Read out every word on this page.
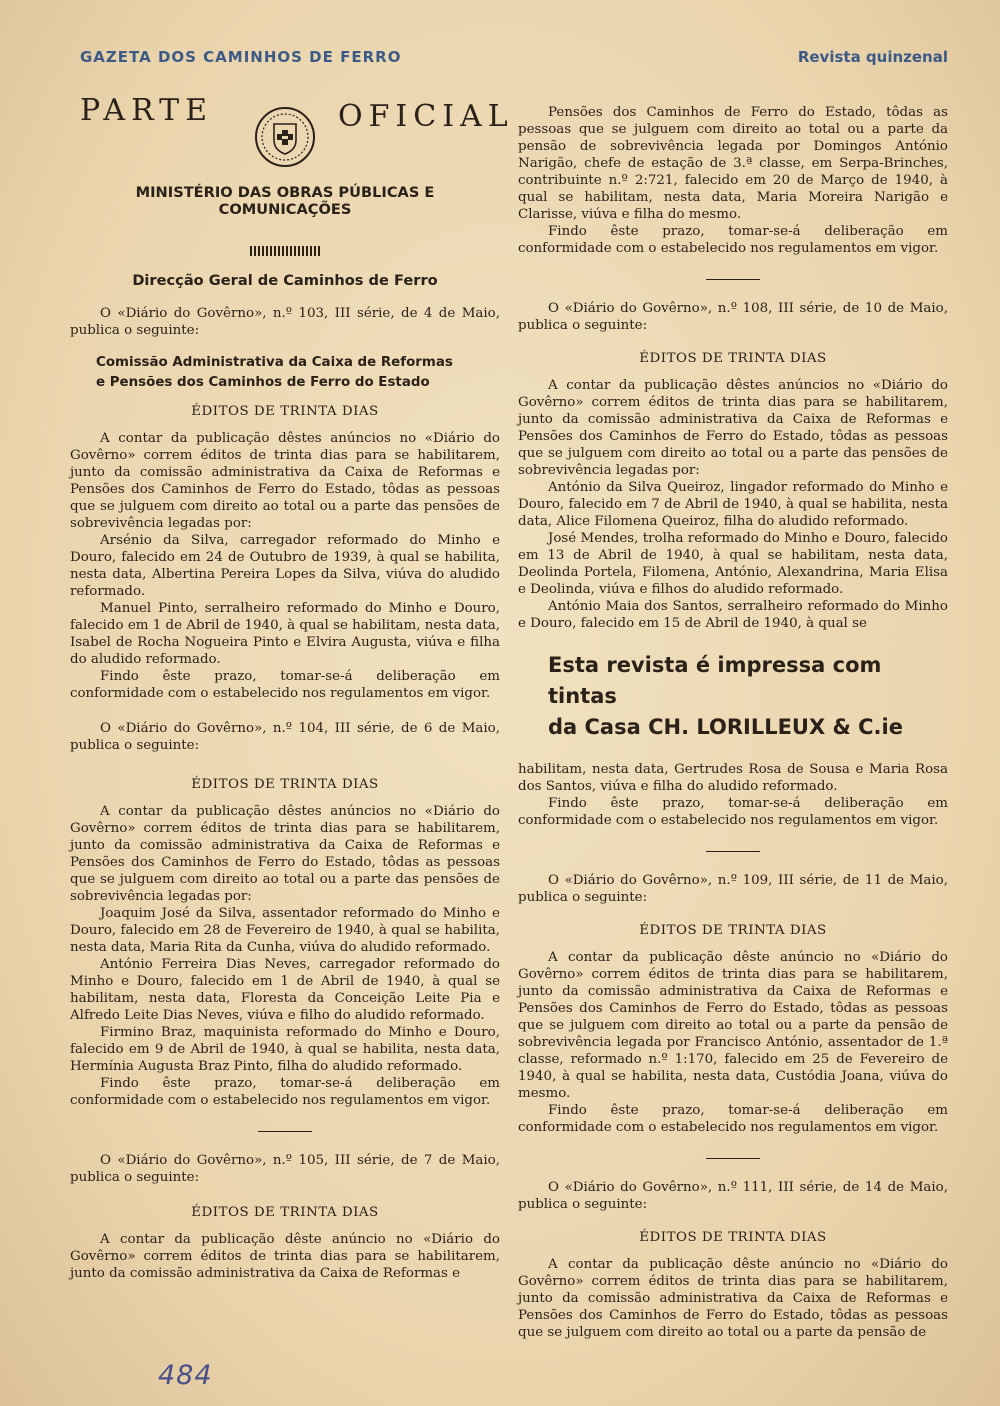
GAZETA DOS CAMINHOS DE FERRO	Revista quinzenal
PARTE	OFICIAL
MINISTÉRIO DAS OBRAS PÚBLICAS E COMUNICAÇÕES
Direcção Geral de Caminhos de Ferro

O «Diário do Govêrno», n.º 103, III série, de 4 de Maio, publica o seguinte:

Comissão Administrativa da Caixa de Reformas
e Pensões dos Caminhos de Ferro do Estado
ÉDITOS DE TRINTA DIAS

A contar da publicação dêstes anúncios no «Diário do Govêrno» correm éditos de trinta dias para se habilitarem, junto da comissão administrativa da Caixa de Reformas e Pensões dos Caminhos de Ferro do Estado, tôdas as pessoas que se julguem com direito ao total ou a parte das pensões de sobrevivência legadas por:

Arsénio da Silva, carregador reformado do Minho e Douro, falecido em 24 de Outubro de 1939, à qual se habilita, nesta data, Albertina Pereira Lopes da Silva, viúva do aludido reformado.

Manuel Pinto, serralheiro reformado do Minho e Douro, falecido em 1 de Abril de 1940, à qual se habilitam, nesta data, Isabel de Rocha Nogueira Pinto e Elvira Augusta, viúva e filha do aludido reformado.

Findo êste prazo, tomar-se-á deliberação em conformidade com o estabelecido nos regulamentos em vigor.

O «Diário do Govêrno», n.º 104, III série, de 6 de Maio, publica o seguinte:

ÉDITOS DE TRINTA DIAS

A contar da publicação dêstes anúncios no «Diário do Govêrno» correm éditos de trinta dias para se habilitarem, junto da comissão administrativa da Caixa de Reformas e Pensões dos Caminhos de Ferro do Estado, tôdas as pessoas que se julguem com direito ao total ou a parte das pensões de sobrevivência legadas por:

Joaquim José da Silva, assentador reformado do Minho e Douro, falecido em 28 de Fevereiro de 1940, à qual se habilita, nesta data, Maria Rita da Cunha, viúva do aludido reformado.

António Ferreira Dias Neves, carregador reformado do Minho e Douro, falecido em 1 de Abril de 1940, à qual se habilitam, nesta data, Floresta da Conceição Leite Pia e Alfredo Leite Dias Neves, viúva e filho do aludido reformado.

Firmino Braz, maquinista reformado do Minho e Douro, falecido em 9 de Abril de 1940, à qual se habilita, nesta data, Hermínia Augusta Braz Pinto, filha do aludido reformado.

Findo êste prazo, tomar-se-á deliberação em conformidade com o estabelecido nos regulamentos em vigor.

O «Diário do Govêrno», n.º 105, III série, de 7 de Maio, publica o seguinte:

ÉDITOS DE TRINTA DIAS

A contar da publicação dêste anúncio no «Diário do Govêrno» correm éditos de trinta dias para se habilitarem, junto da comissão administrativa da Caixa de Reformas e

Pensões dos Caminhos de Ferro do Estado, tôdas as pessoas que se julguem com direito ao total ou a parte da pensão de sobrevivência legada por Domingos António Narigão, chefe de estação de 3.ª classe, em Serpa-Brinches, contribuinte n.º 2:721, falecido em 20 de Março de 1940, à qual se habilitam, nesta data, Maria Moreira Narigão e Clarisse, viúva e filha do mesmo.

Findo êste prazo, tomar-se-á deliberação em conformidade com o estabelecido nos regulamentos em vigor.

O «Diário do Govêrno», n.º 108, III série, de 10 de Maio, publica o seguinte:

ÉDITOS DE TRINTA DIAS

A contar da publicação dêstes anúncios no «Diário do Govêrno» correm éditos de trinta dias para se habilitarem, junto da comissão administrativa da Caixa de Reformas e Pensões dos Caminhos de Ferro do Estado, tôdas as pessoas que se julguem com direito ao total ou a parte das pensões de sobrevivência legadas por:

António da Silva Queiroz, lingador reformado do Minho e Douro, falecido em 7 de Abril de 1940, à qual se habilita, nesta data, Alice Filomena Queiroz, filha do aludido reformado.

José Mendes, trolha reformado do Minho e Douro, falecido em 13 de Abril de 1940, à qual se habilitam, nesta data, Deolinda Portela, Filomena, António, Alexandrina, Maria Elisa e Deolinda, viúva e filhos do aludido reformado.

António Maia dos Santos, serralheiro reformado do Minho e Douro, falecido em 15 de Abril de 1940, à qual se

Esta revista é impressa com tintas
da Casa CH. LORILLEUX & C.ie

habilitam, nesta data, Gertrudes Rosa de Sousa e Maria Rosa dos Santos, viúva e filha do aludido reformado.

Findo êste prazo, tomar-se-á deliberação em conformidade com o estabelecido nos regulamentos em vigor.

O «Diário do Govêrno», n.º 109, III série, de 11 de Maio, publica o seguinte:

ÉDITOS DE TRINTA DIAS

A contar da publicação dêste anúncio no «Diário do Govêrno» correm éditos de trinta dias para se habilitarem, junto da comissão administrativa da Caixa de Reformas e Pensões dos Caminhos de Ferro do Estado, tôdas as pessoas que se julguem com direito ao total ou a parte da pensão de sobrevivência legada por Francisco António, assentador de 1.ª classe, reformado n.º 1:170, falecido em 25 de Fevereiro de 1940, à qual se habilita, nesta data, Custódia Joana, viúva do mesmo.

Findo êste prazo, tomar-se-á deliberação em conformidade com o estabelecido nos regulamentos em vigor.

O «Diário do Govêrno», n.º 111, III série, de 14 de Maio, publica o seguinte:

ÉDITOS DE TRINTA DIAS

A contar da publicação dêste anúncio no «Diário do Govêrno» correm éditos de trinta dias para se habilitarem, junto da comissão administrativa da Caixa de Reformas e Pensões dos Caminhos de Ferro do Estado, tôdas as pessoas que se julguem com direito ao total ou a parte da pensão de

484
